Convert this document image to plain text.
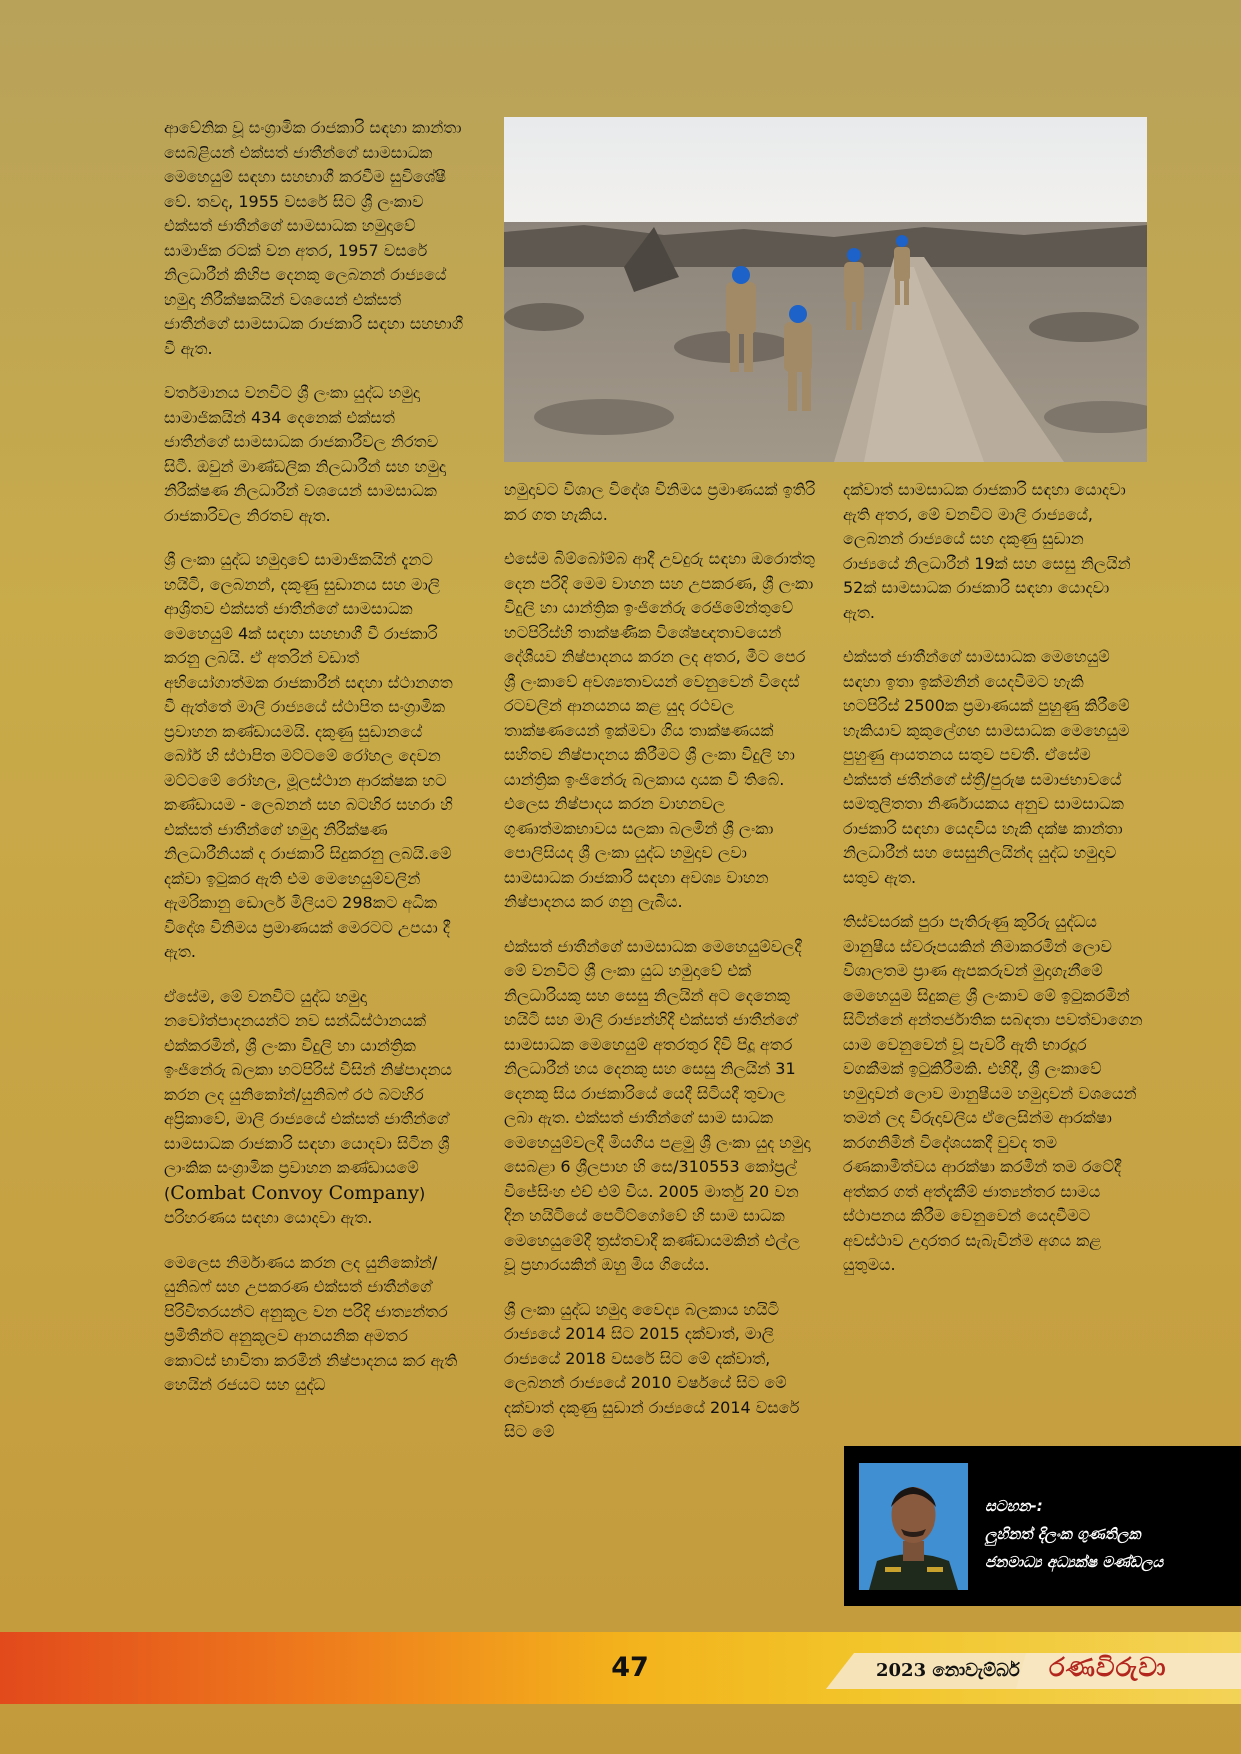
ආවේනික වූ සංග්‍රාමික රාජකාරි සඳහා කාන්තා සෙබළියන් එක්සත් ජාතීන්ගේ සාමසාධක මෙහෙයුම් සඳහා සහභාගී කරවීම සුවිශේෂී වේ. තවද, 1955 වසරේ සිට ශ්‍රී ලංකාව එක්සත් ජාතීන්ගේ සාමසාධක හමුදාවේ සාමාජික රටක් වන අතර, 1957 වසරේ නිලධාරීන් කිහිප දෙනකු ලෙබනන් රාජ්‍යයේ හමුදා නිරීක්ෂකයින් වශයෙන් එක්සත් ජාතීන්ගේ සාමසාධක රාජකාරි සඳහා සහභාගී වී ඇත.

වර්තමානය වනවිට ශ්‍රී ලංකා යුද්ධ හමුදා සාමාජිකයින් 434 දෙනෙක් එක්සත් ජාතීන්ගේ සාමසාධක රාජකාරීවල නිරතව සිටී. ඔවුන් මාණ්ඩලික නිලධාරීන් සහ හමුදා නිරීක්ෂණ නිලධාරීන් වශයෙන් සාමසාධක රාජකාරිවල නිරතව ඇත.

ශ්‍රී ලංකා යුද්ධ හමුදාවේ සාමාජිකයින් දැනට හයිටි, ලෙබනන්, දකුණු සුඩානය සහ මාලි ආශ්‍රිතව එක්සත් ජාතීන්ගේ සාමසාධක මෙහෙයුම් 4ක් සඳහා සහභාගී වී රාජකාරි කරනු ලබයි. ඒ අතරින් වඩාත් අභියෝගාත්මක රාජකාරීන් සඳහා ස්ථානගත වී ඇත්තේ මාලි රාජ්‍යයේ ස්ථාපිත සංග්‍රාමික ප්‍රවාහන කණ්ඩායමයි. දකුණු සුඩානයේ බෝර් හි ස්ථාපිත මට්ටමේ රෝහල දෙවන මට්ටමේ රෝහල, මූලස්ථාන ආරක්ෂක හට කණ්ඩායම - ලෙබනන් සහ බටහිර සහරා හි එක්සත් ජාතීන්ගේ හමුදා නිරීක්ෂණ නිලධාරීනියක් ද රාජකාරි සිදුකරනු ලබයි.මේ දක්වා ඉටුකර ඇති එම මෙහෙයුම්වලින් ඇමරිකානු ඩොලර් මිලියට 298කට අධික විදේශ විනිමය ප්‍රමාණයක් මෙරටට උපයා දී ඇත.

ඒසේම, මේ වනවිට යුද්ධ හමුදා නවෝත්පාදනයන්ට නව සන්ධිස්ථානයක් එක්කරමින්, ශ්‍රී ලංකා විදුලි හා යාන්ත්‍රික ඉංජිනේරු බලකා හටපිරිස් විසින් නිෂ්පාදනය කරන ලද යුනිකෝන්/යුනිබෆ් රථ බටහිර අප්‍රිකාවේ, මාලි රාජ්‍යයේ එක්සත් ජාතීන්ගේ සාමසාධක රාජකාරි සඳහා යොදවා සිටින ශ්‍රී ලාංකික සංග්‍රාමික ප්‍රවාහන කණ්ඩායමේ (Combat Convoy Company) පරිහරණය සඳහා යොදවා ඇත.

මෙලෙස නිර්මාණය කරන ලද යුනිකෝන්/යුනිබෆ් සහ උපකරණ එක්සත් ජාතීන්ගේ පිරිවිතරයන්ට අනුකූල වන පරිදි ජාත්‍යන්තර ප්‍රමිතීන්ට අනුකූලව ආනයනික අමතර කොටස් භාවිතා කරමින් නිෂ්පාදනය කර ඇති හෙයින් රජයට සහ යුද්ධ

හමුදාවට විශාල විදේශ විනිමය ප්‍රමාණයක් ඉතිරි කර ගත හැකිය.

එසේම බිම්බෝම්බ ආදී උවදුරු සඳහා ඔරොත්තු දෙන පරිදි මෙම වාහන සහ උපකරණ, ශ්‍රී ලංකා විදුලි හා යාන්ත්‍රික ඉංජිනේරු රෙජිමේන්තුවේ හටපිරිස්හි තාක්ෂණික විශේෂඥතාවයෙන් දේශීයව නිෂ්පාදනය කරන ලද අතර, මීට පෙර ශ්‍රී ලංකාවේ අවශ්‍යතාවයන් වෙනුවෙන් විදෙස් රටවලින් ආනයනය කළ යුද රථවල තාක්ෂණයෙන් ඉක්මවා ගිය තාක්ෂණයක් සහිතව නිෂ්පාදනය කිරීමට ශ්‍රී ලංකා විදුලි හා යාන්ත්‍රික ඉංජිනේරු බලකාය දායක වී තිබේ. එලෙස නිෂ්පාදය කරන වාහනවල ගුණාත්මකභාවය සලකා බලමින් ශ්‍රී ලංකා පොලිසියද ශ්‍රී ලංකා යුද්ධ හමුදාව ලවා සාමසාධක රාජකාරි සඳහා අවශ්‍ය වාහන නිෂ්පාදනය කර ගනු ලැබීය.

එක්සත් ජාතීන්ගේ සාමසාධක මෙහෙයුම්වලදී මේ වනවිට ශ්‍රී ලංකා යුධ හමුදාවේ එක් නිලධාරියකු සහ සෙසු නිලයින් අට දෙනෙකු හයිටි සහ මාලි රාජ්‍යන්හිදී එක්සත් ජාතීන්ගේ සාමසාධක මෙහෙයුම් අතරතුර දිවි පිදූ අතර නිලධාරීන් හය දෙනකු සහ සෙසු නිලයින් 31 දෙනකු සිය රාජකාරියේ යෙදී සිටියදී තුවාල ලබා ඇත. එක්සත් ජාතීන්ගේ සාම සාධක මෙහෙයුම්වලදී මියගිය පළමු ශ්‍රී ලංකා යුද හමුදා සෙබළා 6 ශ්‍රීලපාහ හි සෙ/310553 කෝප්‍රල් විජේසිංහ එච් එම් විය. 2005 මාර්තු 20 වන දින හයිටියේ පෙටිට්ගෝවේ හි සාම සාධක මෙහෙයුමේදී ත්‍රස්තවාදී කණ්ඩායමකින් එල්ල වූ ප්‍රහාරයකින් ඔහු මිය ගියේය.

ශ්‍රී ලංකා යුද්ධ හමුදා වෛද්‍ය බලකාය හයිටි රාජ්‍යයේ 2014 සිට 2015 දක්වාත්, මාලි රාජ්‍යයේ 2018 වසරේ සිට මේ දක්වාත්, ලෙබනන් රාජ්‍යයේ 2010 වර්ෂයේ සිට මේ දක්වාත් දකුණු සුඩාන් රාජ්‍යයේ 2014 වසරේ සිට මේ

දක්වාත් සාමසාධක රාජකාරි සඳහා යොදවා ඇති අතර, මේ වනවිට මාලි රාජ්‍යයේ, ලෙබනන් රාජ්‍යයේ සහ දකුණු සුඩාන රාජ්‍යයේ නිලධාරීන් 19ක් සහ සෙසු නිලයින් 52ක් සාමසාධක රාජකාරි සඳහා යොදවා ඇත.

එක්සත් ජාතීන්ගේ සාමසාධක මෙහෙයුම් සඳහා ඉතා ඉක්මනින් යෙදවීමට හැකි හටපිරිස් 2500ක ප්‍රමාණයක් පුහුණු කිරීමේ හැකියාව කුකුලේගඟ සාමසාධක මෙහෙයුම පුහුණු ආයතනය සතුව පවතී. ඒසේම එක්සත් ජතීන්ගේ ස්ත්‍රී/පුරුෂ සමාජභාවයේ සමතුලිතතා නිර්ණායකය අනුව සාමසාධක රාජකාරි සඳහා යෙදවිය හැකි දක්ෂ කාන්තා නිලධාරීන් සහ සෙසුනිලයින්ද යුද්ධ හමුදාව සතුව ඇත.

තිස්වසරක් පුරා පැතිරුණු කුරිරු යුද්ධය මානුෂීය ස්වරූපයකින් නිමාකරමින් ලොව විශාලතම ප්‍රාණ ඇපකරුවන් මුදාගැනීමේ මෙහෙයුම සිදුකළ ශ්‍රී ලංකාව මේ ඉටුකරමින් සිටින්නේ අන්තර්ජාතික සබඳතා පවත්වාගෙන යාම වෙනුවෙන් වූ පැවරී ඇති භාරදූර වගකීමක් ඉටුකිරීමකි. එහිදී, ශ්‍රී ලංකාවේ හමුදාවන් ලොව මානුෂීයම හමුදාවන් වශයෙන් තමන් ලද විරුදාවලිය ඒලෙසින්ම ආරක්ෂා කරගනිමින් විදේශයකදී වුවද තම රණකාමීත්වය ආරක්ෂා කරමින් තම රටේදී අත්කර ගත් අත්දැකීම් ජාත්‍යන්තර සාමය ස්ථාපනය කිරීම වෙනුවෙන් යෙදවීමට අවස්ථාව උදාරතර සැබැවින්ම අගය කළ යුතුමය.

සටහන-:
ලුහිනත් දිලංක ගුණතිලක
ජනමාධ්‍ය අධ්‍යක්ෂ මණ්ඩලය
47	2023 නොවැම්බර් රණවිරුවා
